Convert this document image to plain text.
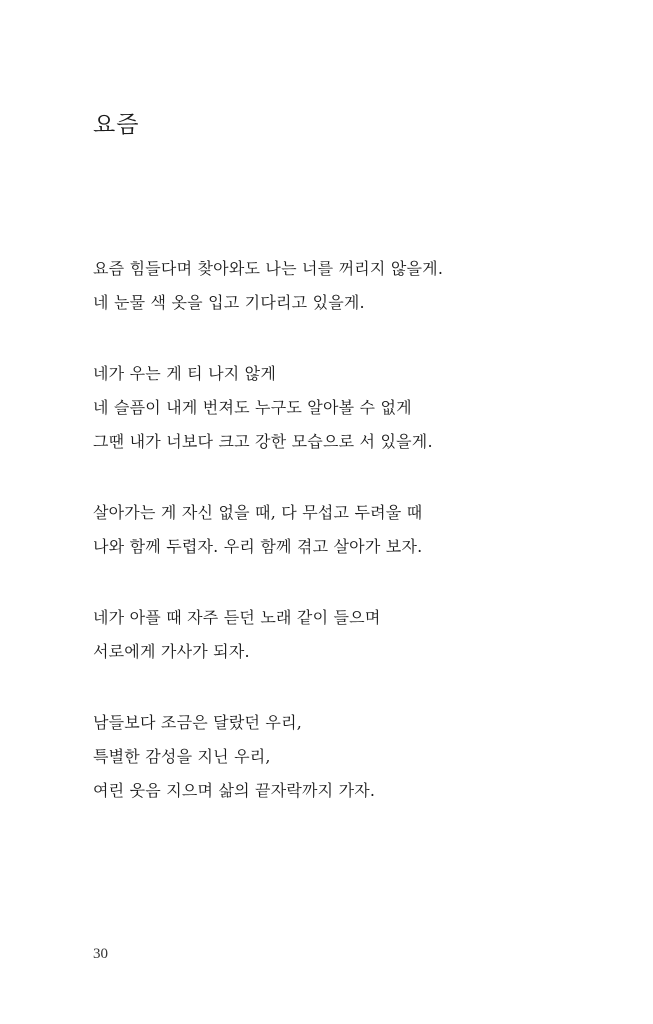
요즘
요즘 힘들다며 찾아와도 나는 너를 꺼리지 않을게.
네 눈물 색 옷을 입고 기다리고 있을게.
네가 우는 게 티 나지 않게
네 슬픔이 내게 번져도 누구도 알아볼 수 없게
그땐 내가 너보다 크고 강한 모습으로 서 있을게.
살아가는 게 자신 없을 때, 다 무섭고 두려울 때
나와 함께 두렵자. 우리 함께 겪고 살아가 보자.
네가 아플 때 자주 듣던 노래 같이 들으며
서로에게 가사가 되자.
남들보다 조금은 달랐던 우리,
특별한 감성을 지닌 우리,
여린 웃음 지으며 삶의 끝자락까지 가자.
30
